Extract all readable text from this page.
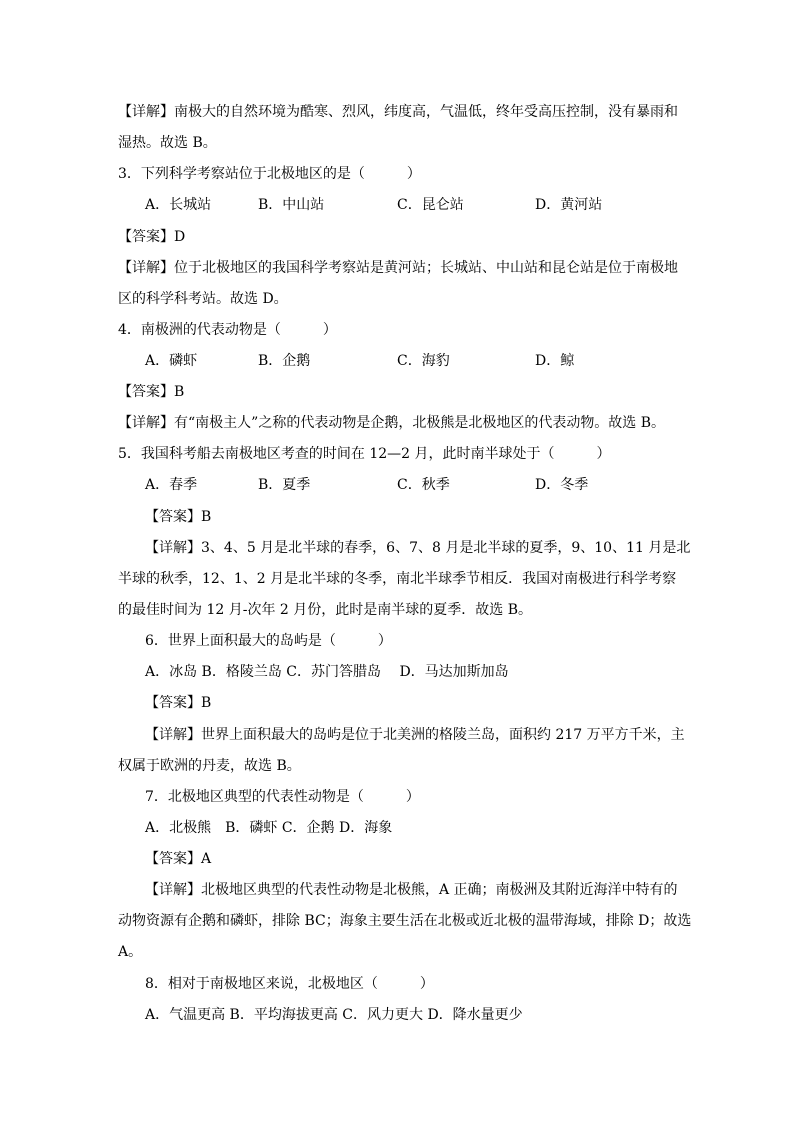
【详解】南极大的自然环境为酷寒、烈风，纬度高，气温低，终年受高压控制，没有暴雨和
湿热。故选 B。
3．下列科学考察站位于北极地区的是（　　　）
A．长城站	B．中山站	C．昆仑站	D．黄河站
【答案】D
【详解】位于北极地区的我国科学考察站是黄河站；长城站、中山站和昆仑站是位于南极地
区的科学科考站。故选 D。
4．南极洲的代表动物是（　　　）
A．磷虾	B．企鹅	C．海豹	D．鲸
【答案】B
【详解】有“南极主人”之称的代表动物是企鹅，北极熊是北极地区的代表动物。故选 B。
5．我国科考船去南极地区考查的时间在 12—2 月，此时南半球处于（　　　）
A．春季	B．夏季	C．秋季	D．冬季
【答案】B
【详解】3、4、5 月是北半球的春季，6、7、8 月是北半球的夏季，9、10、11 月是北
半球的秋季，12、1、2 月是北半球的冬季，南北半球季节相反．我国对南极进行科学考察
的最佳时间为 12 月-次年 2 月份，此时是南半球的夏季．故选 B。
6．世界上面积最大的岛屿是（　　　）
A．冰岛 B．格陵兰岛 C．苏门答腊岛　 D．马达加斯加岛
【答案】B
【详解】世界上面积最大的岛屿是位于北美洲的格陵兰岛，面积约 217 万平方千米，主
权属于欧洲的丹麦，故选 B。
7．北极地区典型的代表性动物是（　　　）
A．北极熊　B．磷虾 C．企鹅 D．海象
【答案】A
【详解】北极地区典型的代表性动物是北极熊，A 正确；南极洲及其附近海洋中特有的
动物资源有企鹅和磷虾，排除 BC；海象主要生活在北极或近北极的温带海域，排除 D；故选
A。
8．相对于南极地区来说，北极地区（　　　）
A．气温更高 B．平均海拔更高 C．风力更大 D．降水量更少
